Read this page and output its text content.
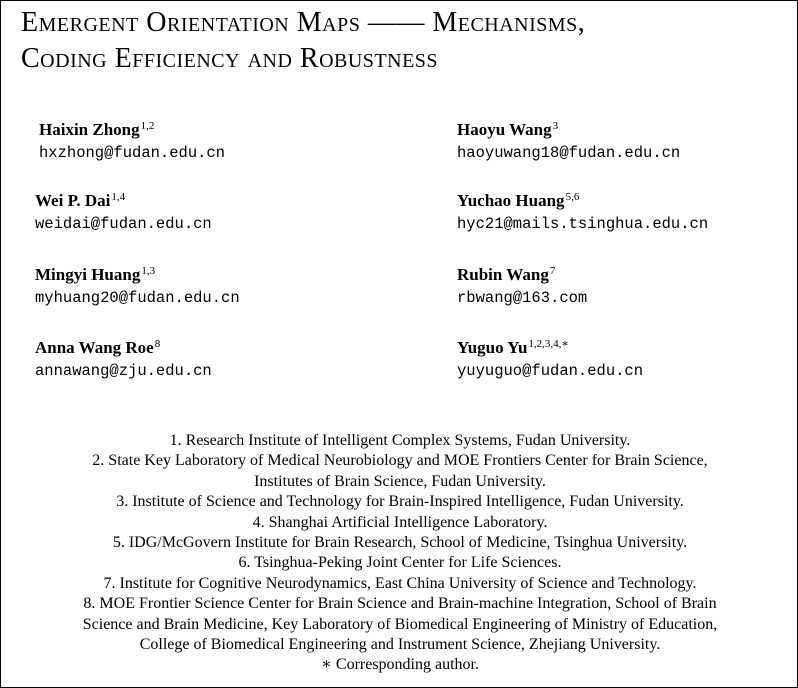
Emergent Orientation Maps —— Mechanisms,
Coding Efficiency and Robustness
Haixin Zhong$^{1,2}$
hxzhong@fudan.edu.cn
Haoyu Wang$^3$
haoyuwang18@fudan.edu.cn
Wei P. Dai$^{1,4}$
weidai@fudan.edu.cn
Yuchao Huang$^{5,6}$
hyc21@mails.tsinghua.edu.cn
Mingyi Huang$^{1,3}$
myhuang20@fudan.edu.cn
Rubin Wang$^7$
rbwang@163.com
Anna Wang Roe$^8$
annawang@zju.edu.cn
Yuguo $Yu^{1,2,3,4,∗}$
yuyuguo@fudan.edu.cn
1. Research Institute of Intelligent Complex Systems, Fudan University.
2. State Key Laboratory of Medical Neurobiology and MOE Frontiers Center for Brain Science,
Institutes of Brain Science, Fudan University.
3. Institute of Science and Technology for Brain-Inspired Intelligence, Fudan University.
4. Shanghai Artificial Intelligence Laboratory.
5. IDG/McGovern Institute for Brain Research, School of Medicine, Tsinghua University.
6. Tsinghua-Peking Joint Center for Life Sciences.
7. Institute for Cognitive Neurodynamics, East China University of Science and Technology.
8. MOE Frontier Science Center for Brain Science and Brain-machine Integration, School of Brain
Science and Brain Medicine, Key Laboratory of Biomedical Engineering of Ministry of Education,
College of Biomedical Engineering and Instrument Science, Zhejiang University.
∗ Corresponding author.
